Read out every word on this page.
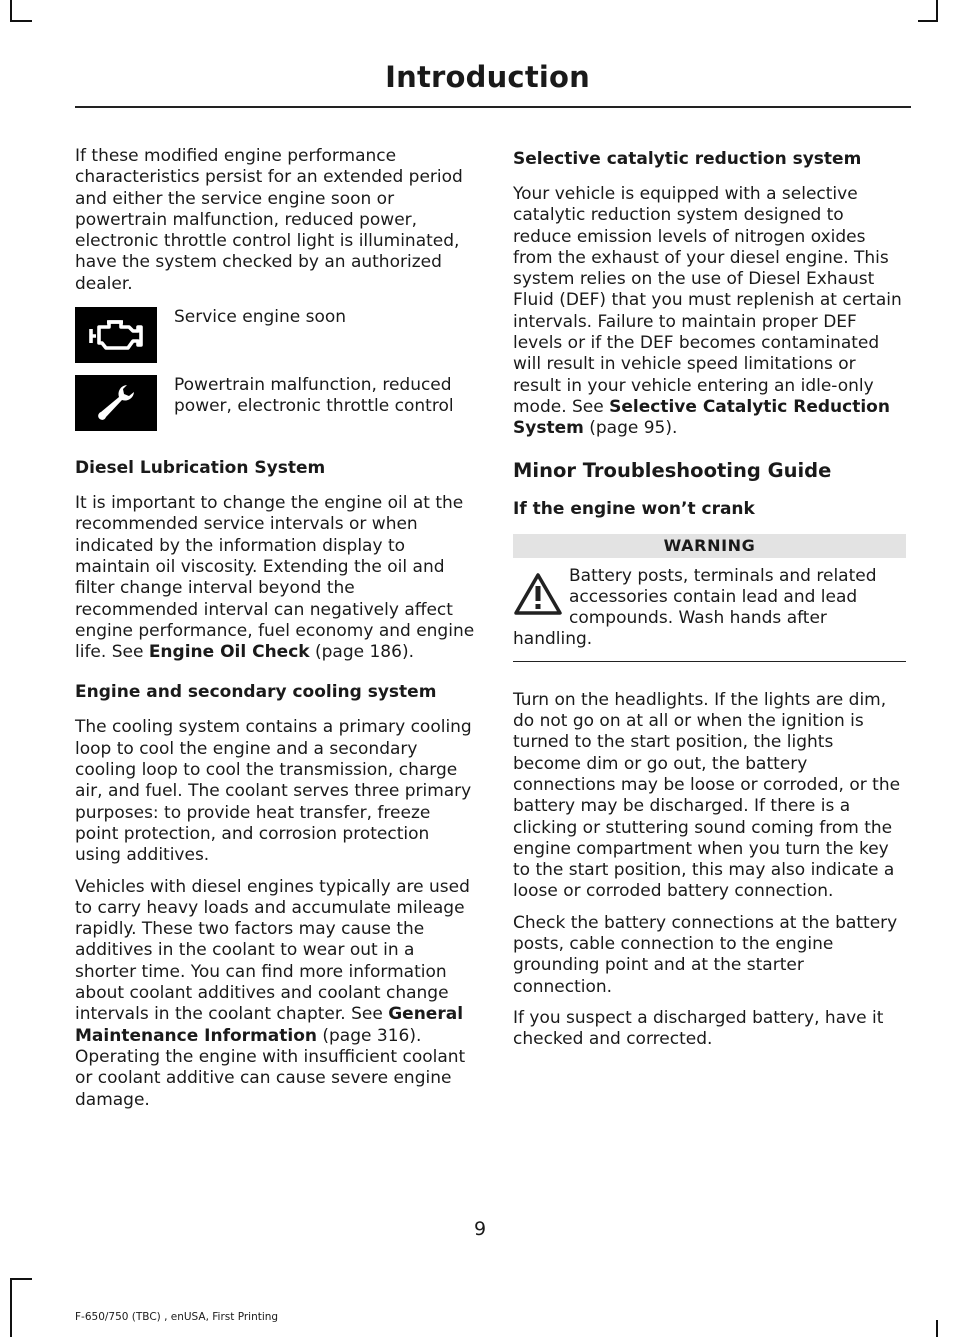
Introduction

If these modified engine performance characteristics persist for an extended period and either the service engine soon or powertrain malfunction, reduced power, electronic throttle control light is illuminated, have the system checked by an authorized dealer.

Service engine soon
Powertrain malfunction, reduced power, electronic throttle control
Diesel Lubrication System

It is important to change the engine oil at the recommended service intervals or when indicated by the information display to maintain oil viscosity. Extending the oil and filter change interval beyond the recommended interval can negatively affect engine performance, fuel economy and engine life. See Engine Oil Check (page 186).

Engine and secondary cooling system

The cooling system contains a primary cooling loop to cool the engine and a secondary cooling loop to cool the transmission, charge air, and fuel. The coolant serves three primary purposes: to provide heat transfer, freeze point protection, and corrosion protection using additives.

Vehicles with diesel engines typically are used to carry heavy loads and accumulate mileage rapidly. These two factors may cause the additives in the coolant to wear out in a shorter time. You can find more information about coolant additives and coolant change intervals in the coolant chapter. See General Maintenance Information (page 316). Operating the engine with insufficient coolant or coolant additive can cause severe engine damage.

Selective catalytic reduction system

Your vehicle is equipped with a selective catalytic reduction system designed to reduce emission levels of nitrogen oxides from the exhaust of your diesel engine. This system relies on the use of Diesel Exhaust Fluid (DEF) that you must replenish at certain intervals. Failure to maintain proper DEF levels or if the DEF becomes contaminated will result in vehicle speed limitations or result in your vehicle entering an idle-only mode. See Selective Catalytic Reduction System (page 95).

Minor Troubleshooting Guide
If the engine won’t crank
WARNING

Battery posts, terminals and related accessories contain lead and lead compounds. Wash hands after handling.

Turn on the headlights. If the lights are dim, do not go on at all or when the ignition is turned to the start position, the lights become dim or go out, the battery connections may be loose or corroded, or the battery may be discharged. If there is a clicking or stuttering sound coming from the engine compartment when you turn the key to the start position, this may also indicate a loose or corroded battery connection.

Check the battery connections at the battery posts, cable connection to the engine grounding point and at the starter connection.

If you suspect a discharged battery, have it checked and corrected.

9
F-650/750 (TBC) , enUSA, First Printing
